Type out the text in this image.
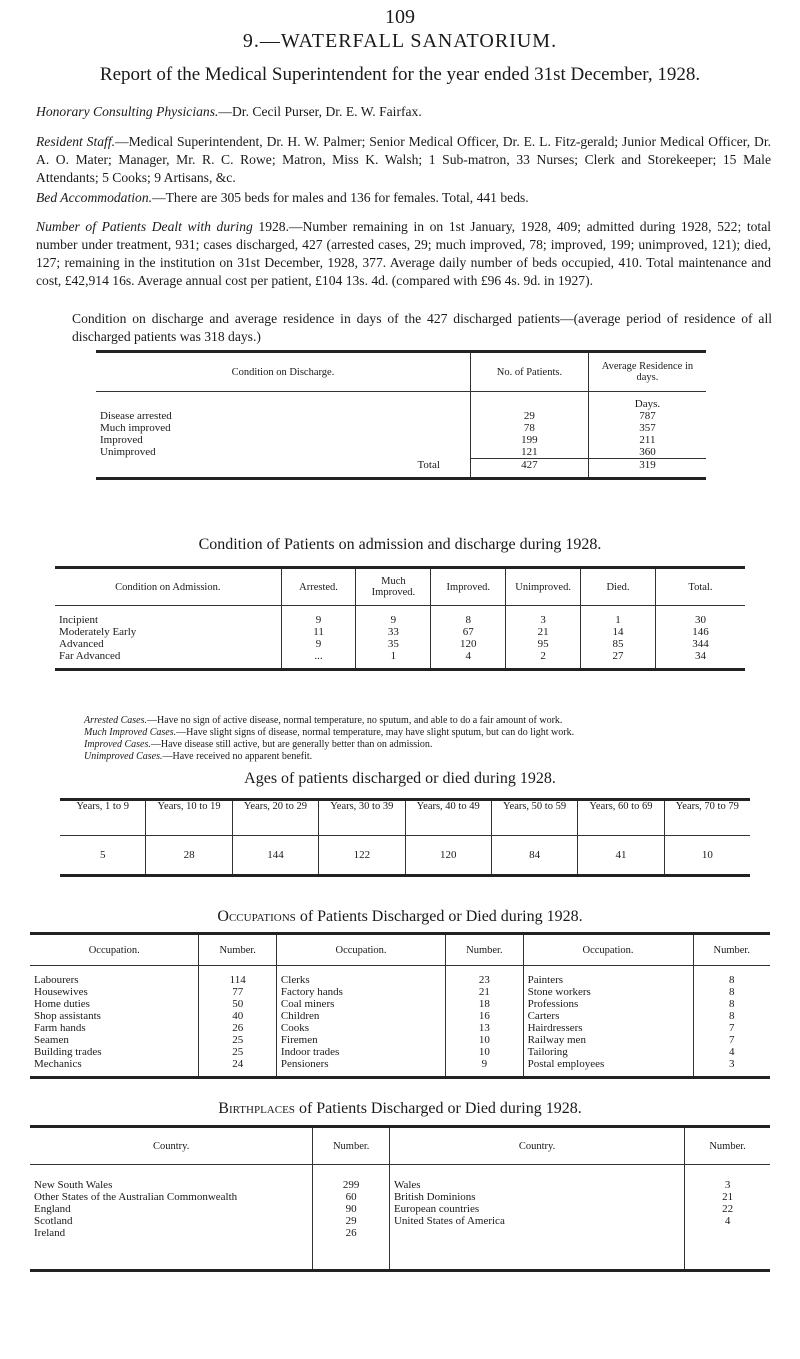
109
9.—WATERFALL SANATORIUM.
Report of the Medical Superintendent for the year ended 31st December, 1928.
Honorary Consulting Physicians.—Dr. Cecil Purser, Dr. E. W. Fairfax.
Resident Staff.—Medical Superintendent, Dr. H. W. Palmer; Senior Medical Officer, Dr. E. L. Fitz-gerald; Junior Medical Officer, Dr. A. O. Mater; Manager, Mr. R. C. Rowe; Matron, Miss K. Walsh; 1 Sub-matron, 33 Nurses; Clerk and Storekeeper; 15 Male Attendants; 5 Cooks; 9 Artisans, &c.
Bed Accommodation.—There are 305 beds for males and 136 for females. Total, 441 beds.
Number of Patients Dealt with during 1928.—Number remaining in on 1st January, 1928, 409; admitted during 1928, 522; total number under treatment, 931; cases discharged, 427 (arrested cases, 29; much improved, 78; improved, 199; unimproved, 121); died, 127; remaining in the institution on 31st December, 1928, 377. Average daily number of beds occupied, 410. Total maintenance and cost, £42,914 16s. Average annual cost per patient, £104 13s. 4d. (compared with £96 4s. 9d. in 1927).
Condition on discharge and average residence in days of the 427 discharged patients—(average period of residence of all discharged patients was 318 days.)
Condition on Discharge.	No. of Patients.	Average Residence in days.
		Days.
Disease arrested	29	787
Much improved	78	357
Improved	199	211
Unimproved	121	360
Total	427	319
Condition of Patients on admission and discharge during 1928.
Condition on Admission.	Arrested.	Much Improved.	Improved.	Unimproved.	Died.	Total.

Incipient	9	9	8	3	1	30
Moderately Early	11	33	67	21	14	146
Advanced	9	35	120	95	85	344
Far Advanced	...	1	4	2	27	34
Arrested Cases.—Have no sign of active disease, normal temperature, no sputum, and able to do a fair amount of work.
Much Improved Cases.—Have slight signs of disease, normal temperature, may have slight sputum, but can do light work.
Improved Cases.—Have disease still active, but are generally better than on admission.
Unimproved Cases.—Have received no apparent benefit.
Ages of patients discharged or died during 1928.
Years, 1 to 9	Years, 10 to 19	Years, 20 to 29	Years, 30 to 39	Years, 40 to 49	Years, 50 to 59	Years, 60 to 69	Years, 70 to 79
5	28	144	122	120	84	41	10
Occupations of Patients Discharged or Died during 1928.
Occupation.	Number.	Occupation.	Number.	Occupation.	Number.
Labourers	114	Clerks	23	Painters	8
Housewives	77	Factory hands	21	Stone workers	8
Home duties	50	Coal miners	18	Professions	8
Shop assistants	40	Children	16	Carters	8
Farm hands	26	Cooks	13	Hairdressers	7
Seamen	25	Firemen	10	Railway men	7
Building trades	25	Indoor trades	10	Tailoring	4
Mechanics	24	Pensioners	9	Postal employees	3
Birthplaces of Patients Discharged or Died during 1928.
Country.	Number.	Country.	Number.
New South Wales	299	Wales	3
Other States of the Australian Commonwealth	60	British Dominions	21
England	90	European countries	22
Scotland	29	United States of America	4
Ireland	26		
